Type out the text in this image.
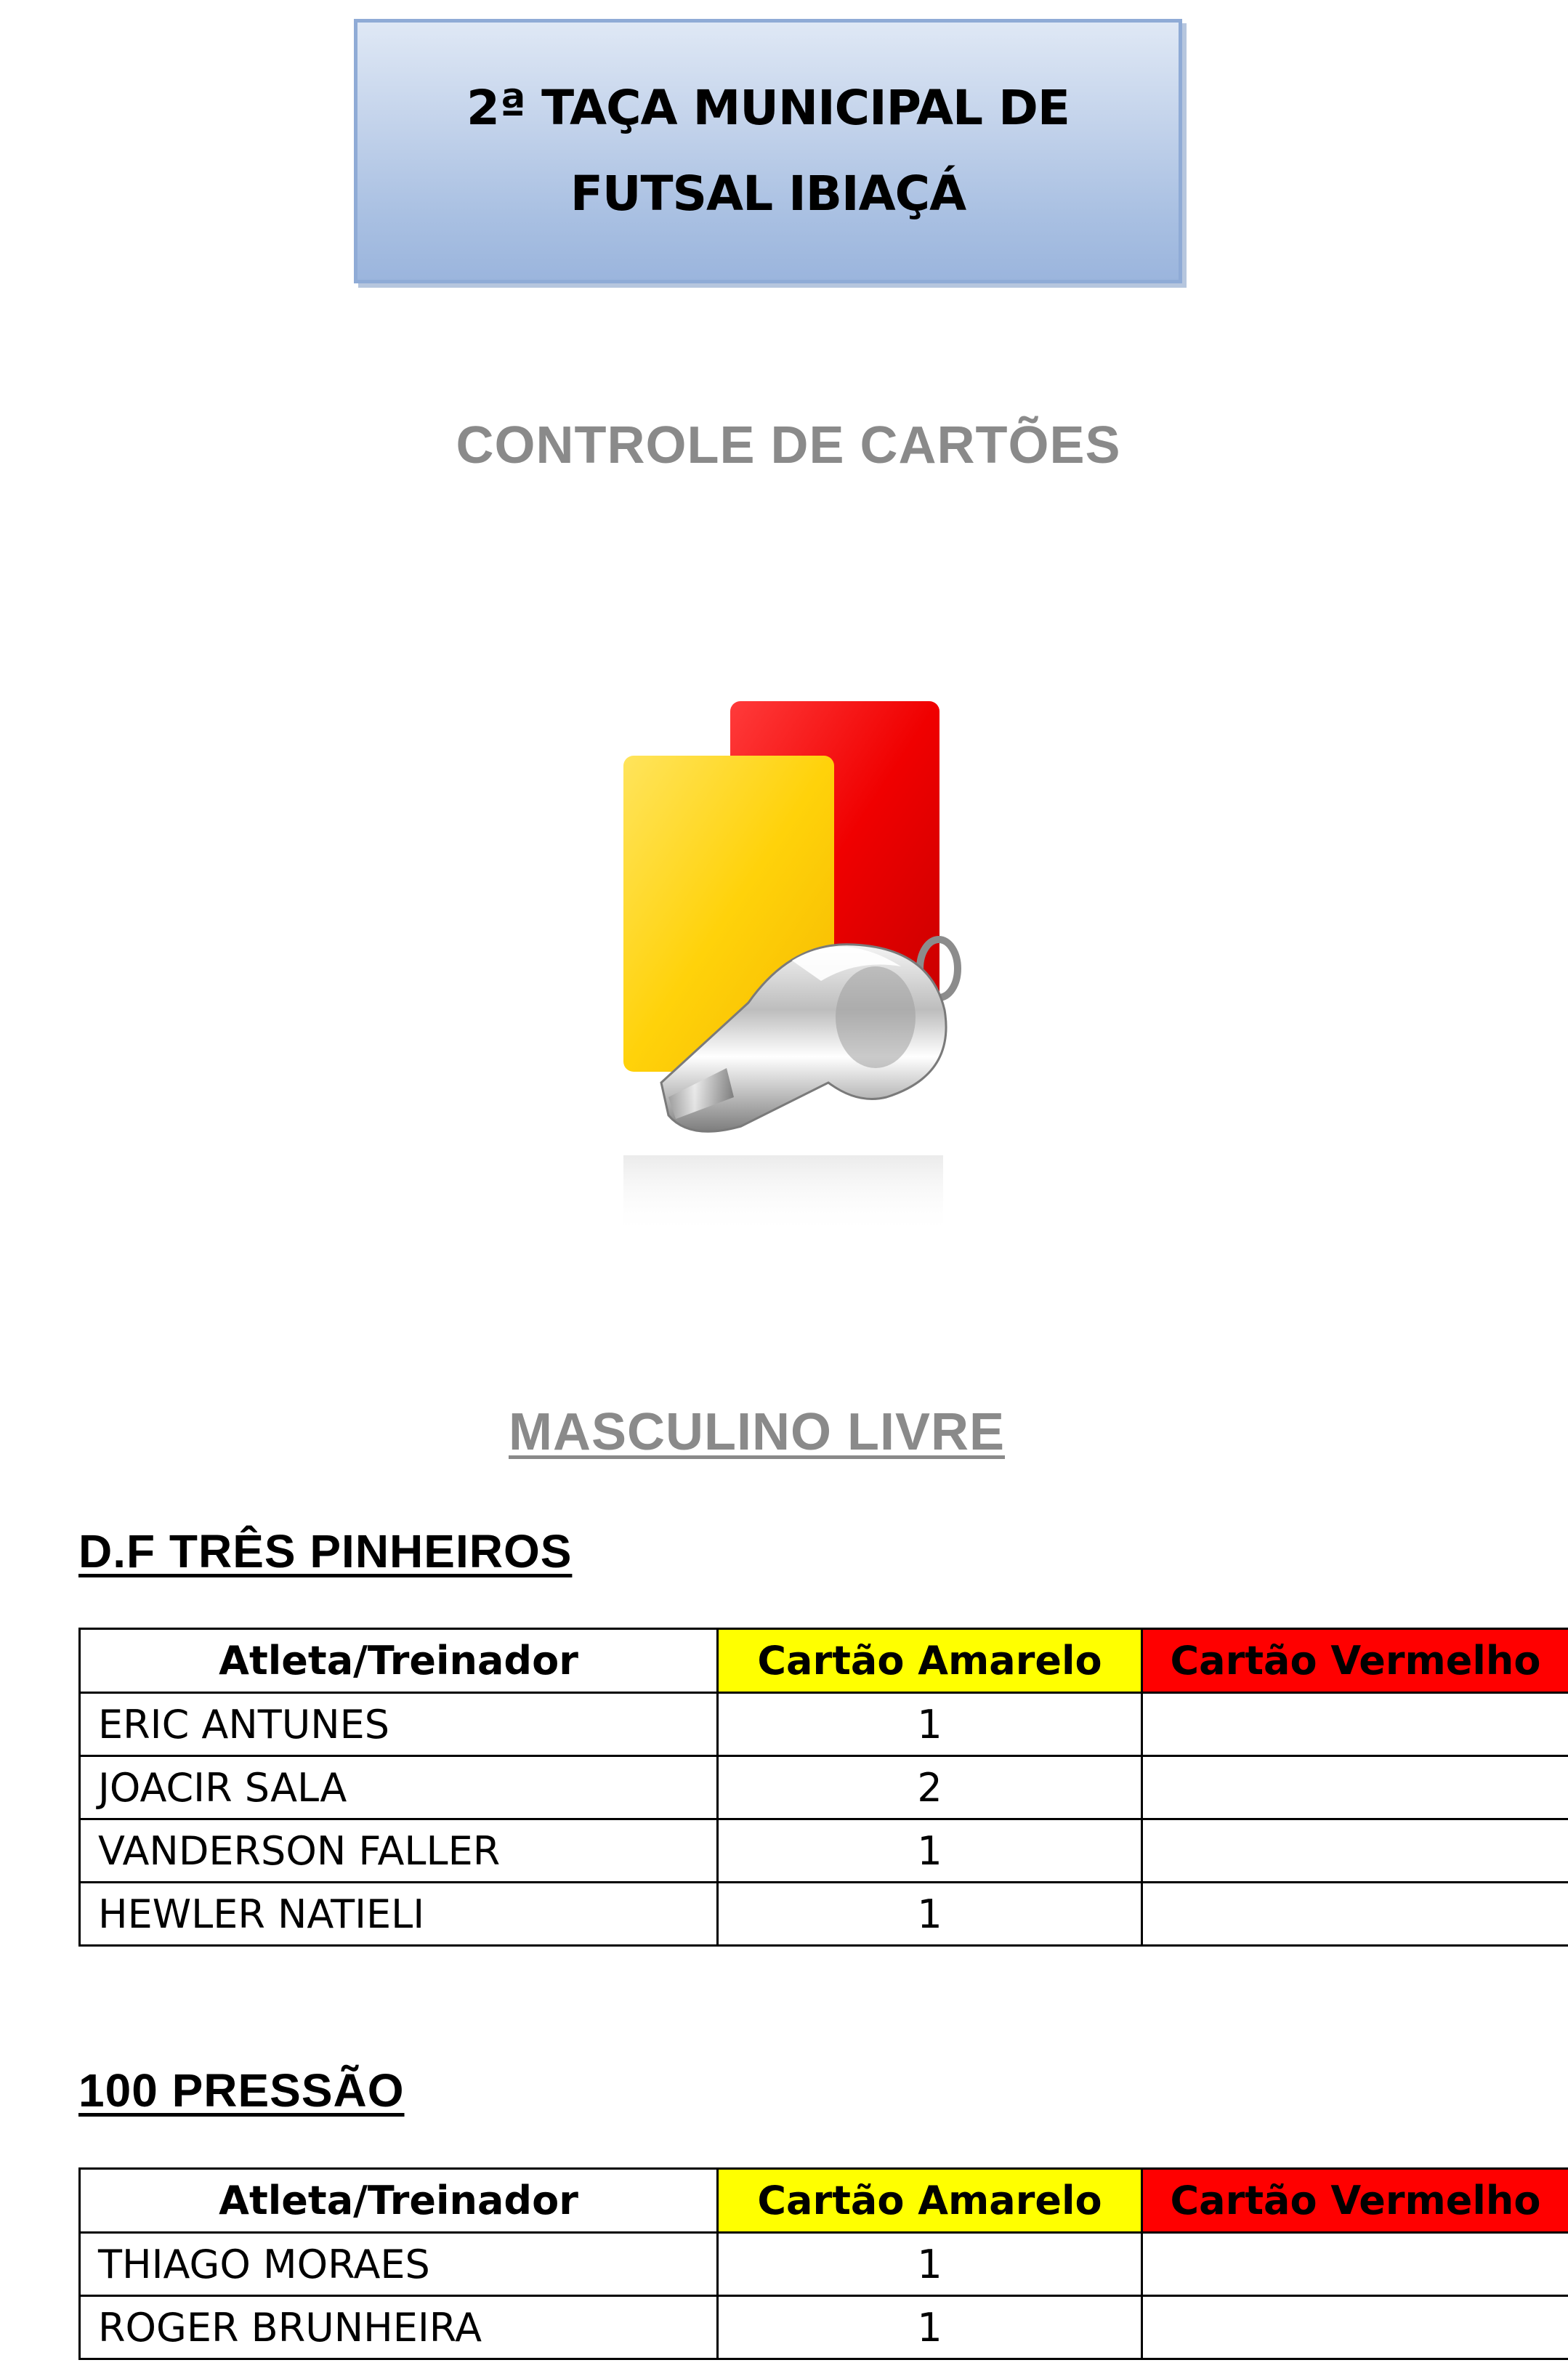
2ª TAÇA MUNICIPAL DE
FUTSAL IBIAÇÁ
CONTROLE DE CARTÕES
MASCULINO LIVRE
D.F TRÊS PINHEIROS
Atleta/Treinador	Cartão Amarelo	Cartão Vermelho
ERIC ANTUNES	1	
JOACIR SALA	2	
VANDERSON FALLER	1	
HEWLER NATIELI	1	
100 PRESSÃO
Atleta/Treinador	Cartão Amarelo	Cartão Vermelho
THIAGO MORAES	1	
ROGER BRUNHEIRA	1	
